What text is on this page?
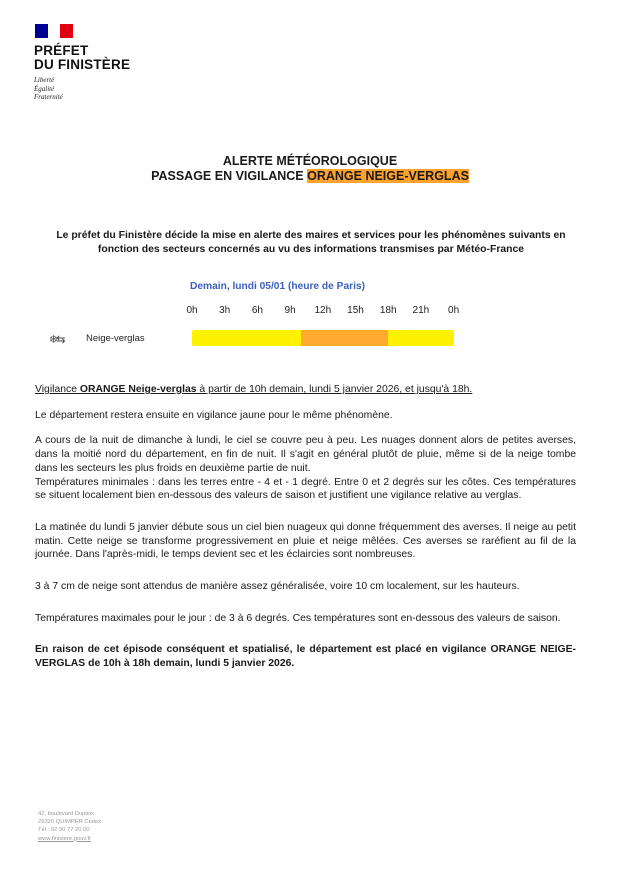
PRÉFET
DU FINISTÈRE
Liberté
Égalité
Fraternité
ALERTE MÉTÉOROLOGIQUE
PASSAGE EN VIGILANCE ORANGE NEIGE-VERGLAS
Le préfet du Finistère décide la mise en alerte des maires et services pour les phénomènes suivants en fonction des secteurs concernés au vu des informations transmises par Météo-France
Demain, lundi 05/01 (heure de Paris)
0h	3h	6h	9h	12h	15h	18h	21h	0h
❄⇆ Neige-verglas

Vigilance ORANGE Neige-verglas à partir de 10h demain, lundi 5 janvier 2026, et jusqu'à 18h.

Le département restera ensuite en vigilance jaune pour le même phénomène.

A cours de la nuit de dimanche à lundi, le ciel se couvre peu à peu. Les nuages donnent alors de petites averses, dans la moitié nord du département, en fin de nuit. Il s'agit en général plutôt de pluie, même si de la neige tombe dans les secteurs les plus froids en deuxième partie de nuit.

Températures minimales : dans les terres entre - 4 et - 1 degré. Entre 0 et 2 degrés sur les côtes. Ces températures se situent localement bien en-dessous des valeurs de saison et justifient une vigilance relative au verglas.

La matinée du lundi 5 janvier débute sous un ciel bien nuageux qui donne fréquemment des averses. Il neige au petit matin. Cette neige se transforme progressivement en pluie et neige mêlées. Ces averses se raréfient au fil de la journée. Dans l'après-midi, le temps devient sec et les éclaircies sont nombreuses.

3 à 7 cm de neige sont attendus de manière assez généralisée, voire 10 cm localement, sur les hauteurs.

Températures maximales pour le jour : de 3 à 6 degrés. Ces températures sont en-dessous des valeurs de saison.

En raison de cet épisode conséquent et spatialisé, le département est placé en vigilance ORANGE NEIGE-VERGLAS de 10h à 18h demain, lundi 5 janvier 2026.

42, boulevard Dupleix
29320 QUIMPER Cedex
Tél : 02 90 77 20 00
www.finistere.gouv.fr
